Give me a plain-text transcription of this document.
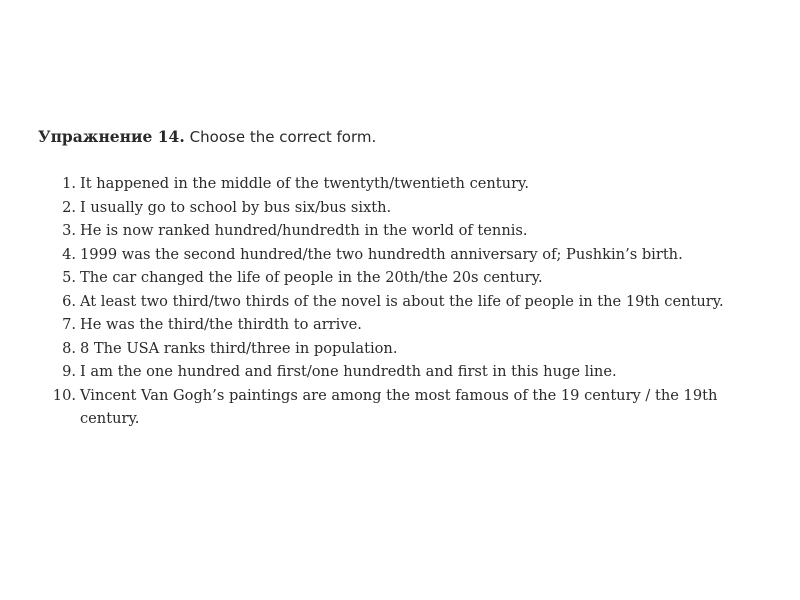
Упражнение 14. Choose the correct form.
1. It happened in the middle of the twentyth/twentieth century.
2. I usually go to school by bus six/bus sixth.
3. He is now ranked hundred/hundredth in the world of tennis.
4. 1999 was the second hundred/the two hundredth anniversary of; Pushkin’s birth.
5. The car changed the life of people in the 20th/the 20s century.
6. At least two third/two thirds of the novel is about the life of people in the 19th century.
7. He was the third/the thirdth to arrive.
8. 8 The USA ranks third/three in population.
9. I am the one hundred and first/one hundredth and first in this huge line.
10. Vincent Van Gogh’s paintings are among the most famous of the 19 century / the 19th century.
